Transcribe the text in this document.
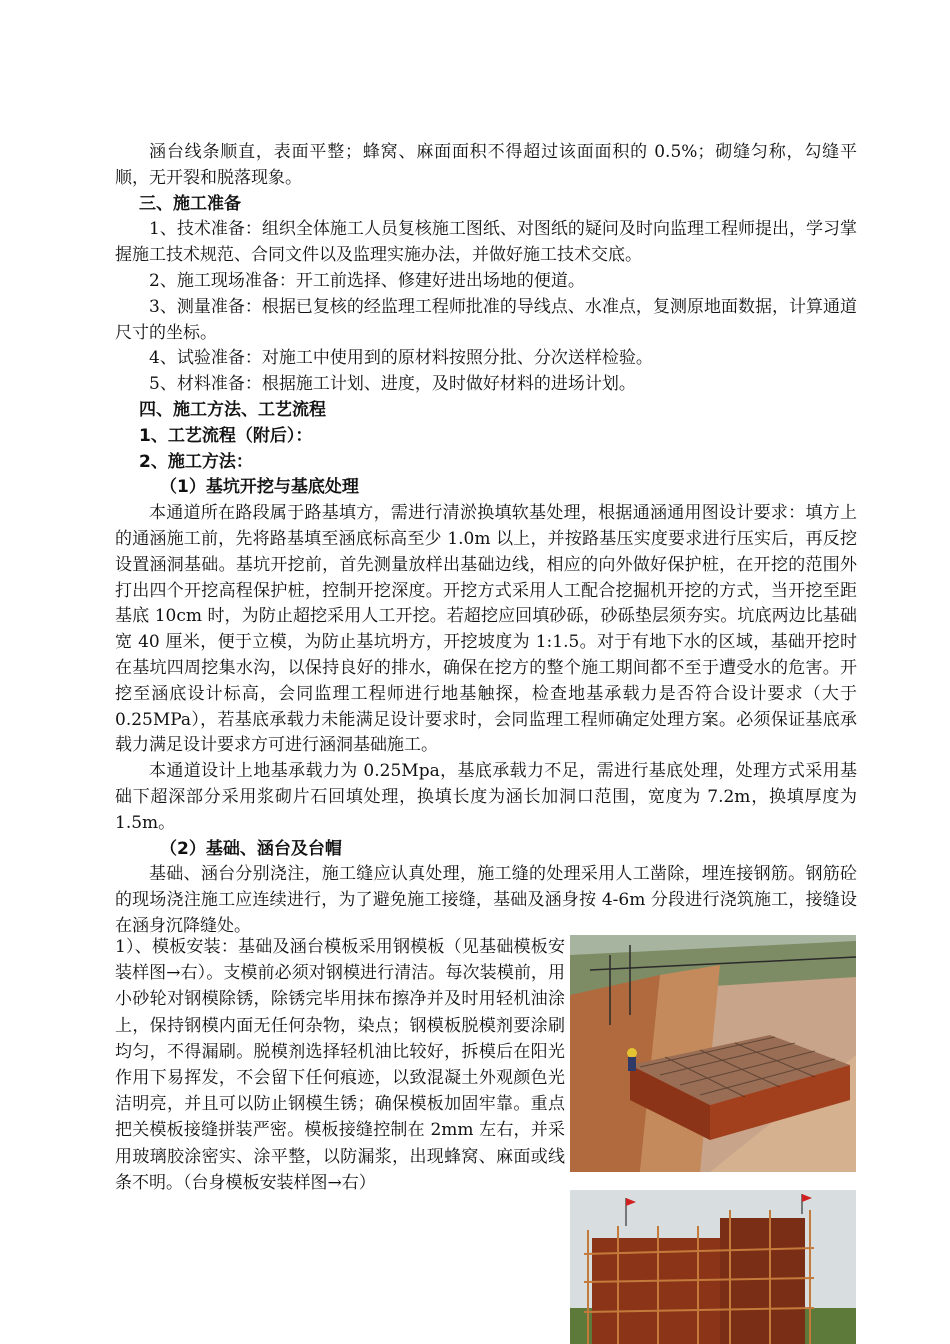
涵台线条顺直，表面平整；蜂窝、麻面面积不得超过该面面积的 0.5%；砌缝匀称，勾缝平顺，无开裂和脱落现象。

三、施工准备

1、技术准备：组织全体施工人员复核施工图纸、对图纸的疑问及时向监理工程师提出，学习掌握施工技术规范、合同文件以及监理实施办法，并做好施工技术交底。

2、施工现场准备：开工前选择、修建好进出场地的便道。

3、测量准备：根据已复核的经监理工程师批准的导线点、水准点，复测原地面数据，计算通道尺寸的坐标。

4、试验准备：对施工中使用到的原材料按照分批、分次送样检验。

5、材料准备：根据施工计划、进度，及时做好材料的进场计划。

四、施工方法、工艺流程

1、工艺流程（附后）：

2、施工方法：

（1）基坑开挖与基底处理

本通道所在路段属于路基填方，需进行清淤换填软基处理，根据通涵通用图设计要求：填方上的通涵施工前，先将路基填至涵底标高至少 1.0m 以上，并按路基压实度要求进行压实后，再反挖设置涵洞基础。基坑开挖前，首先测量放样出基础边线，相应的向外做好保护桩，在开挖的范围外打出四个开挖高程保护桩，控制开挖深度。开挖方式采用人工配合挖掘机开挖的方式，当开挖至距基底 10cm 时，为防止超挖采用人工开挖。若超挖应回填砂砾，砂砾垫层须夯实。坑底两边比基础宽 40 厘米，便于立模，为防止基坑坍方，开挖坡度为 1:1.5。对于有地下水的区域，基础开挖时在基坑四周挖集水沟，以保持良好的排水，确保在挖方的整个施工期间都不至于遭受水的危害。开挖至涵底设计标高，会同监理工程师进行地基触探，检查地基承载力是否符合设计要求（大于 0.25MPa），若基底承载力未能满足设计要求时，会同监理工程师确定处理方案。必须保证基底承载力满足设计要求方可进行涵洞基础施工。

本通道设计上地基承载力为 0.25Mpa，基底承载力不足，需进行基底处理，处理方式采用基础下超深部分采用浆砌片石回填处理，换填长度为涵长加洞口范围，宽度为 7.2m，换填厚度为 1.5m。

（2）基础、涵台及台帽

基础、涵台分别浇注，施工缝应认真处理，施工缝的处理采用人工凿除，埋连接钢筋。钢筋砼的现场浇注施工应连续进行，为了避免施工接缝，基础及涵身按 4-6m 分段进行浇筑施工，接缝设在涵身沉降缝处。

1）、模板安装：基础及涵台模板采用钢模板（见基础模板安装样图→右）。支模前必须对钢模进行清洁。每次装模前，用小砂轮对钢模除锈，除锈完毕用抹布擦净并及时用轻机油涂上，保持钢模内面无任何杂物，染点；钢模板脱模剂要涂刷均匀，不得漏刷。脱模剂选择轻机油比较好，拆模后在阳光作用下易挥发，不会留下任何痕迹，以致混凝土外观颜色光洁明亮，并且可以防止钢模生锈；确保模板加固牢靠。重点把关模板接缝拼装严密。模板接缝控制在 2mm 左右，并采用玻璃胶涂密实、涂平整，以防漏浆，出现蜂窝、麻面或线条不明。（台身模板安装样图→右）
